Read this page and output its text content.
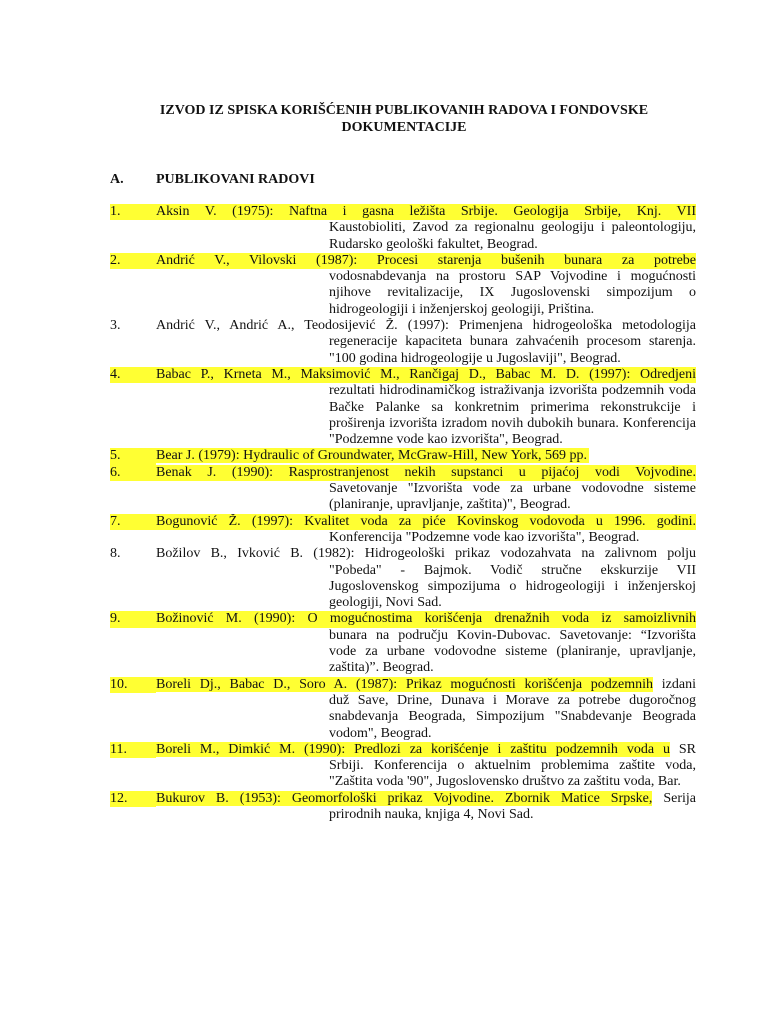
IZVOD IZ SPISKA KORIŠĆENIH PUBLIKOVANIH RADOVA I FONDOVSKE DOKUMENTACIJE
A. PUBLIKOVANI RADOVI
1.	Aksin V. (1975): Naftna i gasna ležišta Srbije. Geologija Srbije, Knj. VII
Kaustobioliti, Zavod za regionalnu geologiju i paleontologiju, Rudarsko geološki fakultet, Beograd.
2.	Andrić V., Vilovski (1987): Procesi starenja bušenih bunara za potrebe
vodosnabdevanja na prostoru SAP Vojvodine i mogućnosti njihove revitalizacije, IX Jugoslovenski simpozijum o hidrogeologiji i inženjerskoj geologiji, Priština.
3.	Andrić V., Andrić A., Teodosijević Ž. (1997): Primenjena hidrogeološka metodologija
regeneracije kapaciteta bunara zahvaćenih procesom starenja. "100 godina hidrogeologije u Jugoslaviji", Beograd.
4.	Babac P., Krneta M., Maksimović M., Rančigaj D., Babac M. D. (1997): Odredjeni
rezultati hidrodinamičkog istraživanja izvorišta podzemnih voda Bačke Palanke sa konkretnim primerima rekonstrukcije i proširenja izvorišta izradom novih dubokih bunara. Konferencija "Podzemne vode kao izvorišta", Beograd.
5.	Bear J. (1979): Hydraulic of Groundwater, McGraw-Hill, New York, 569 pp.
6.	Benak J. (1990): Rasprostranjenost nekih supstanci u pijaćoj vodi Vojvodine.
Savetovanje "Izvorišta vode za urbane vodovodne sisteme (planiranje, upravljanje, zaštita)", Beograd.
7.	Bogunović Ž. (1997): Kvalitet voda za piće Kovinskog vodovoda u 1996. godini.
Konferencija "Podzemne vode kao izvorišta", Beograd.
8.	Božilov B., Ivković B. (1982): Hidrogeološki prikaz vodozahvata na zalivnom polju
"Pobeda" - Bajmok. Vodič stručne ekskurzije VII Jugoslovenskog simpozijuma o hidrogeologiji i inženjerskoj geologiji, Novi Sad.
9.	Božinović M. (1990): O mogućnostima korišćenja drenažnih voda iz samoizlivnih
bunara na području Kovin-Dubovac. Savetovanje: “Izvorišta vode za urbane vodovodne sisteme (planiranje, upravljanje, zaštita)”. Beograd.
10.	Boreli Dj., Babac D., Soro A. (1987): Prikaz mogućnosti korišćenja podzemnih izdani
duž Save, Drine, Dunava i Morave za potrebe dugoročnog snabdevanja Beograda, Simpozijum "Snabdevanje Beograda vodom", Beograd.
11.	Boreli M., Dimkić M. (1990): Predlozi za korišćenje i zaštitu podzemnih voda u SR
Srbiji. Konferencija o aktuelnim problemima zaštite voda, "Zaštita voda '90", Jugoslovensko društvo za zaštitu voda, Bar.
12.	Bukurov B. (1953): Geomorfološki prikaz Vojvodine. Zbornik Matice Srpske, Serija
prirodnih nauka, knjiga 4, Novi Sad.
